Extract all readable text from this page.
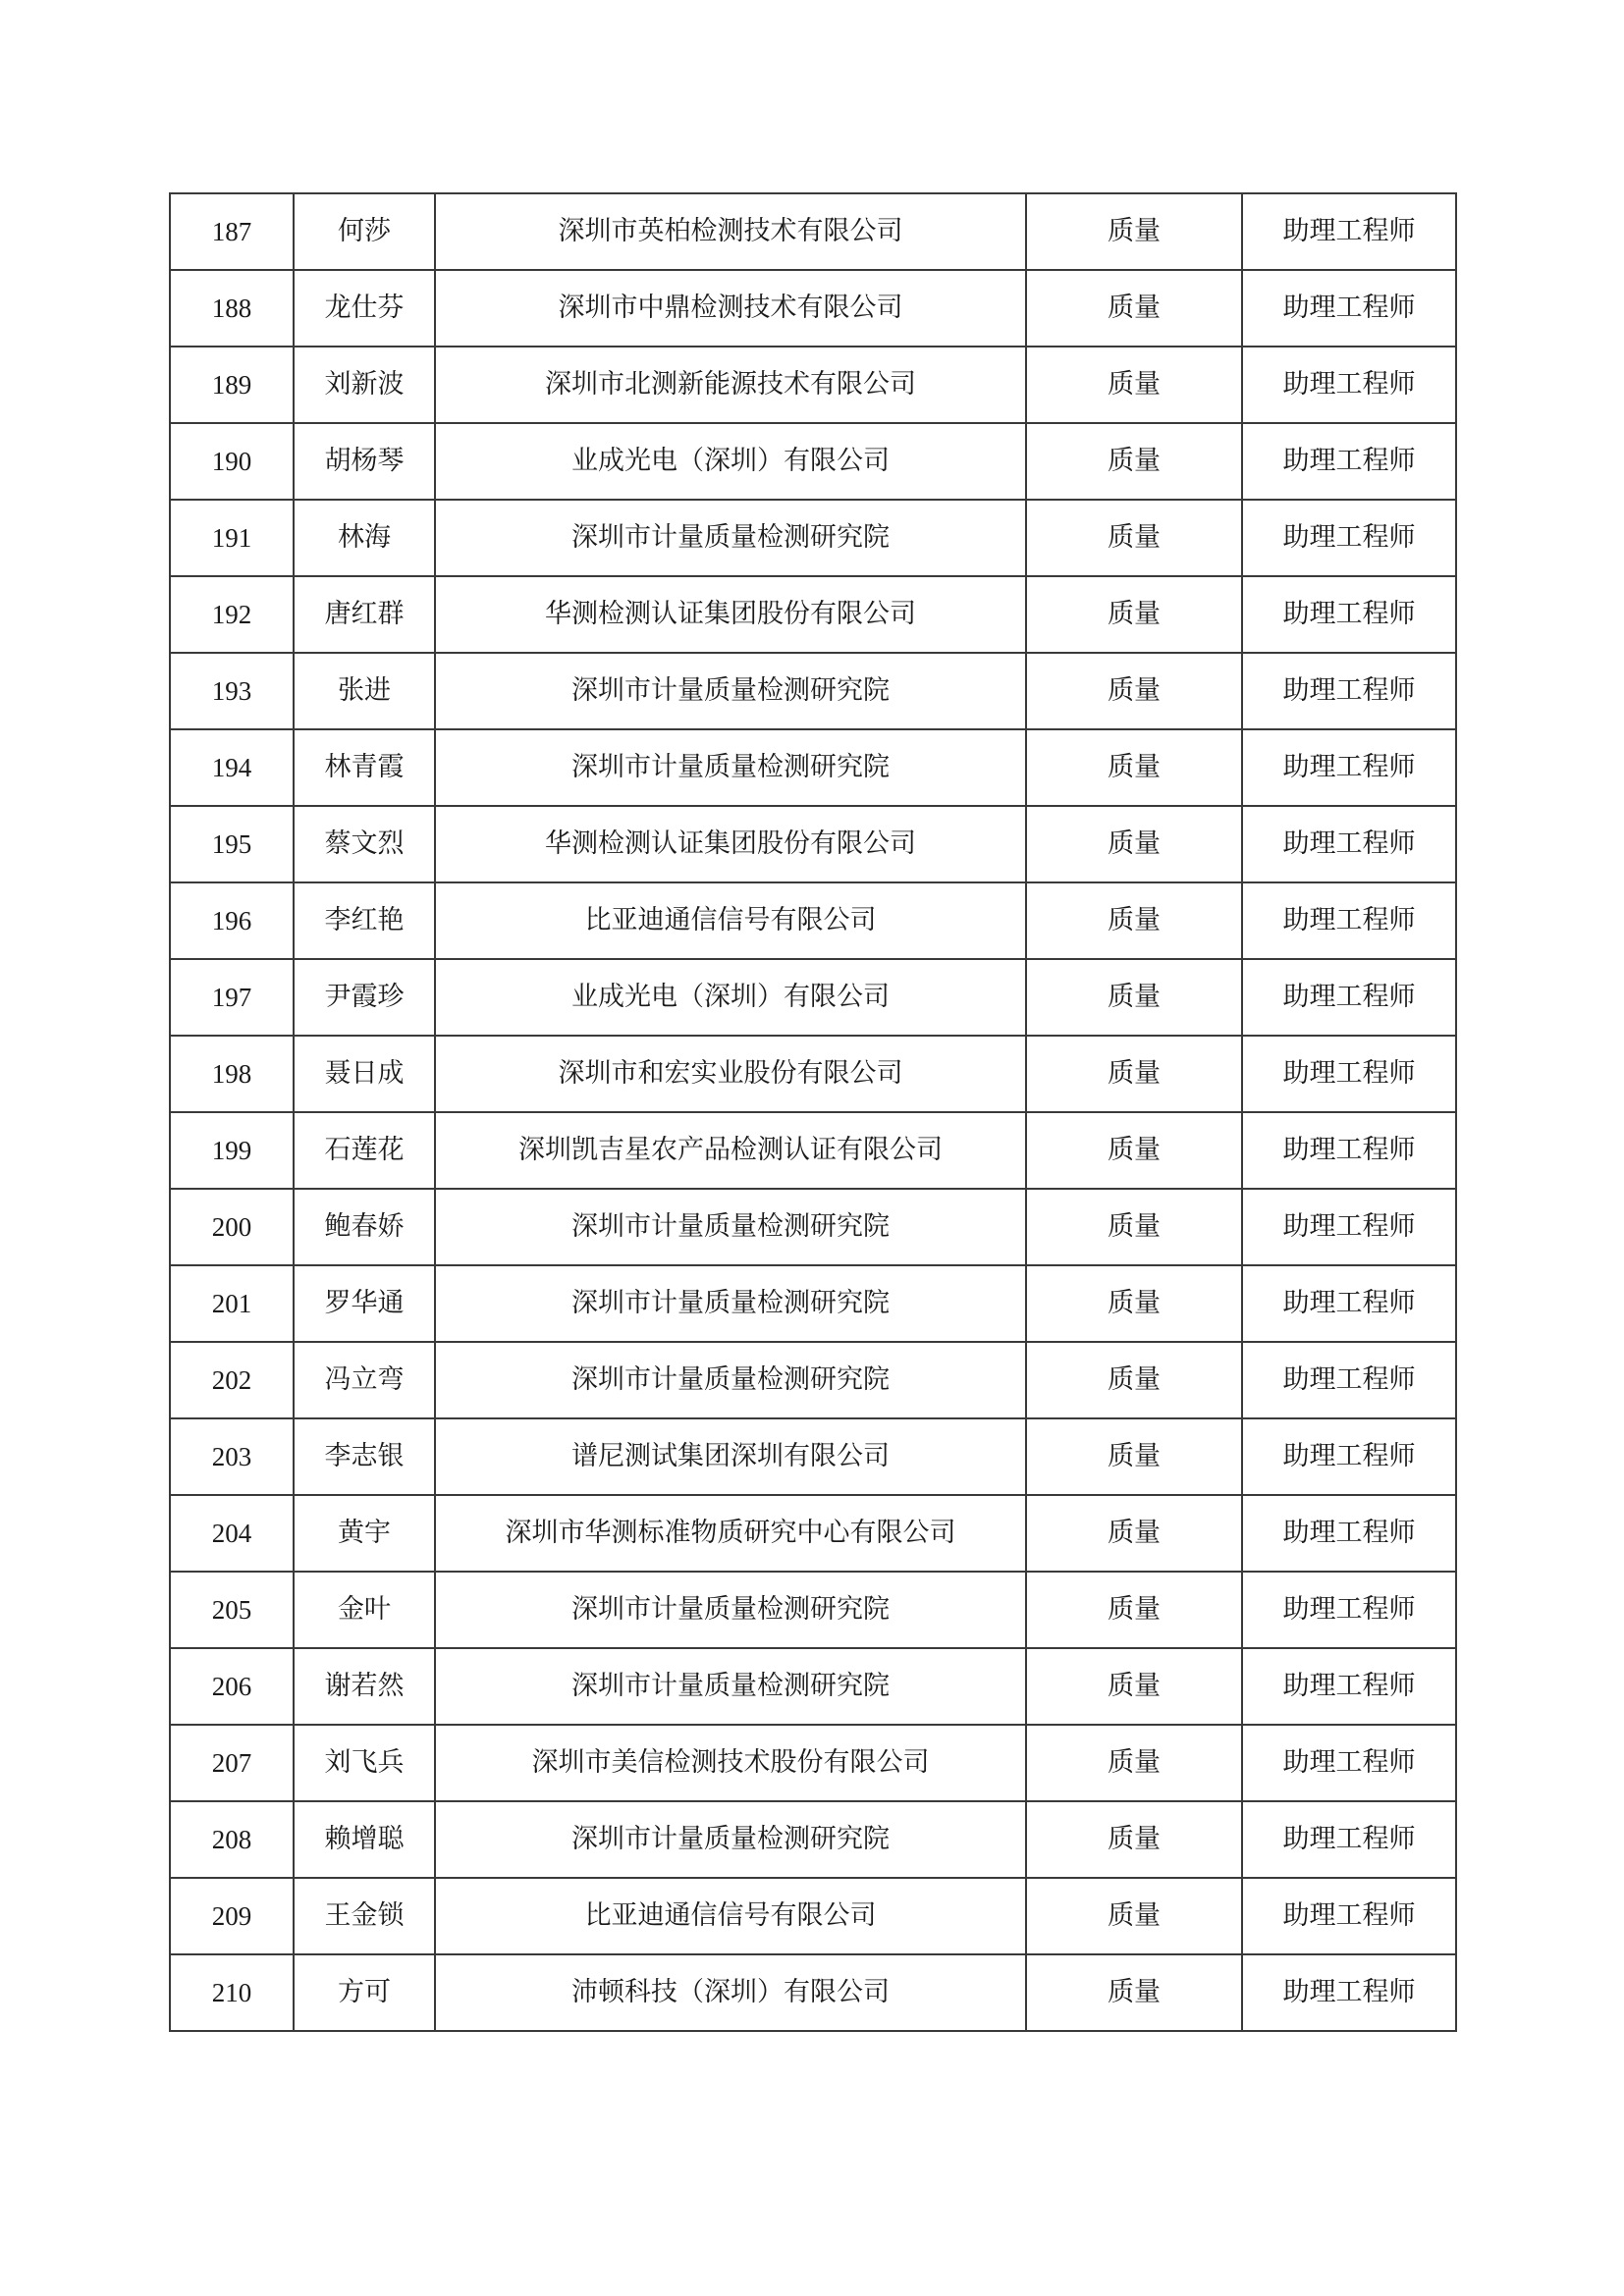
187	何莎	深圳市英柏检测技术有限公司	质量	助理工程师
188	龙仕芬	深圳市中鼎检测技术有限公司	质量	助理工程师
189	刘新波	深圳市北测新能源技术有限公司	质量	助理工程师
190	胡杨琴	业成光电（深圳）有限公司	质量	助理工程师
191	林海	深圳市计量质量检测研究院	质量	助理工程师
192	唐红群	华测检测认证集团股份有限公司	质量	助理工程师
193	张进	深圳市计量质量检测研究院	质量	助理工程师
194	林青霞	深圳市计量质量检测研究院	质量	助理工程师
195	蔡文烈	华测检测认证集团股份有限公司	质量	助理工程师
196	李红艳	比亚迪通信信号有限公司	质量	助理工程师
197	尹霞珍	业成光电（深圳）有限公司	质量	助理工程师
198	聂日成	深圳市和宏实业股份有限公司	质量	助理工程师
199	石莲花	深圳凯吉星农产品检测认证有限公司	质量	助理工程师
200	鲍春娇	深圳市计量质量检测研究院	质量	助理工程师
201	罗华通	深圳市计量质量检测研究院	质量	助理工程师
202	冯立弯	深圳市计量质量检测研究院	质量	助理工程师
203	李志银	谱尼测试集团深圳有限公司	质量	助理工程师
204	黄宇	深圳市华测标准物质研究中心有限公司	质量	助理工程师
205	金叶	深圳市计量质量检测研究院	质量	助理工程师
206	谢若然	深圳市计量质量检测研究院	质量	助理工程师
207	刘飞兵	深圳市美信检测技术股份有限公司	质量	助理工程师
208	赖增聪	深圳市计量质量检测研究院	质量	助理工程师
209	王金锁	比亚迪通信信号有限公司	质量	助理工程师
210	方可	沛顿科技（深圳）有限公司	质量	助理工程师
